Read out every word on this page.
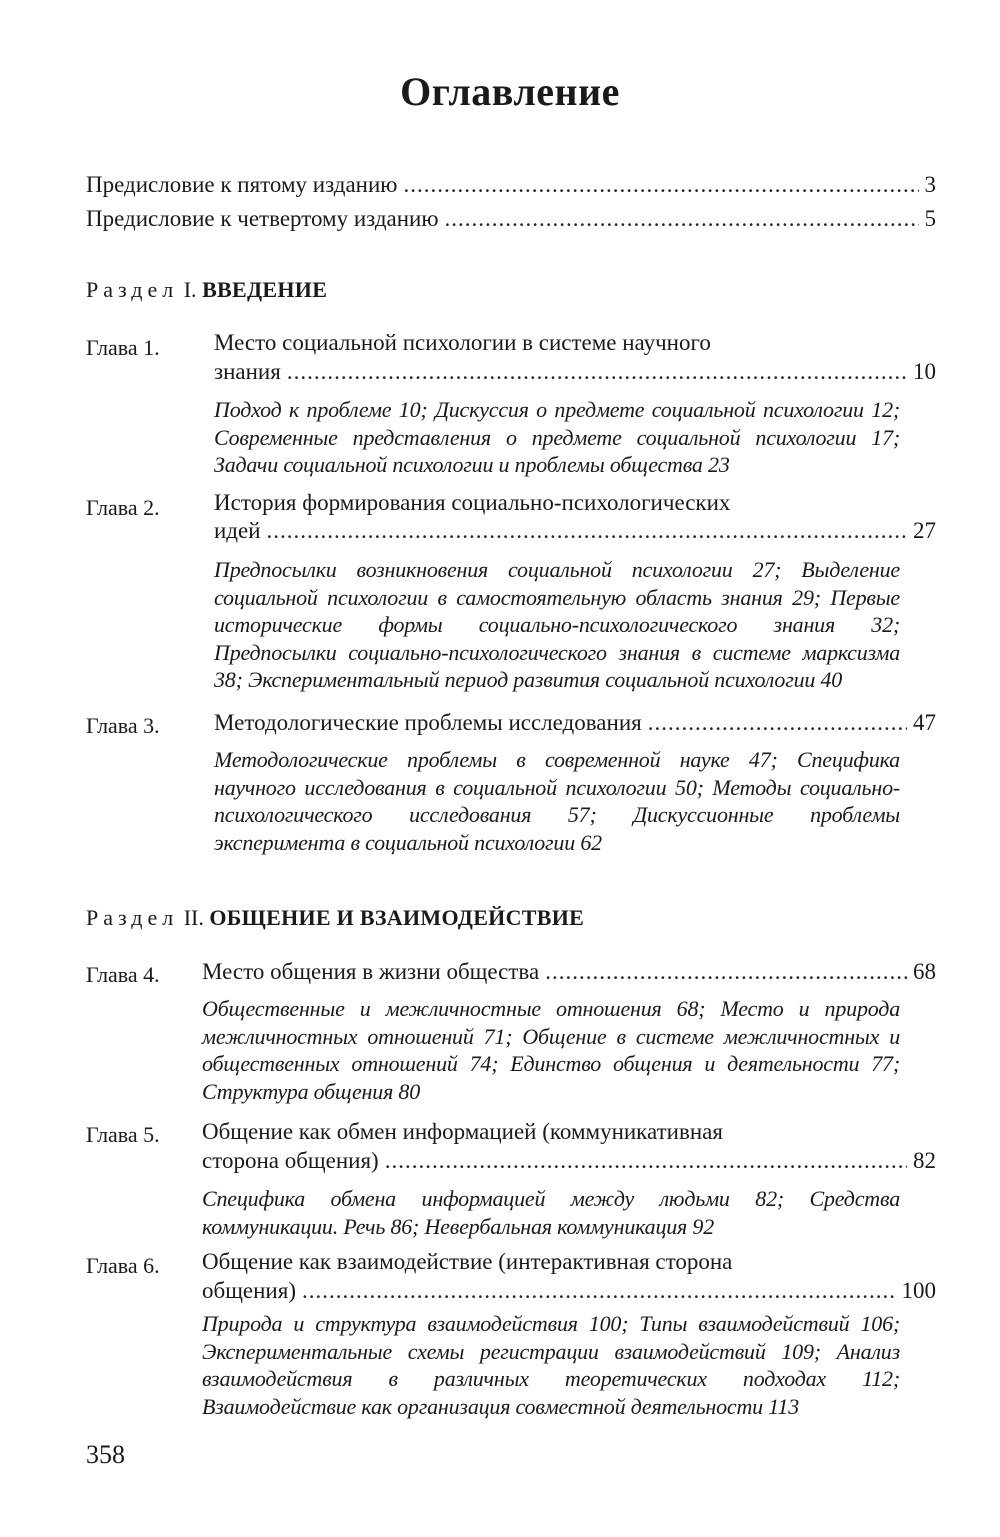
Оглавление
Предисловие к пятому изданию .....	3
Предисловие к четвертому изданию .....	5
Раздел I. ВВЕДЕНИЕ
Глава 1. Место социальной психологии в системе научного
знания .....	10
Подход к проблеме 10; Дискуссия о предмете социальной психологии 12; Современные представления о предмете социальной психологии 17; Задачи социальной психологии и проблемы общества 23
Глава 2. История формирования социально-психологических
идей .....	27
Предпосылки возникновения социальной психологии 27; Выделение социальной психологии в самостоятельную область знания 29; Первые исторические формы социально-психологического знания 32; Предпосылки социально-психологического знания в системе марксизма 38; Экспериментальный период развития социальной психологии 40
Глава 3. Методологические проблемы исследования .....	47
Методологические проблемы в современной науке 47; Специфика научного исследования в социальной психологии 50; Методы социально-психологического исследования 57; Дискуссионные проблемы эксперимента в социальной психологии 62
Раздел II. ОБЩЕНИЕ И ВЗАИМОДЕЙСТВИЕ
Глава 4. Место общения в жизни общества .....	68
Общественные и межличностные отношения 68; Место и природа межличностных отношений 71; Общение в системе межличностных и общественных отношений 74; Единство общения и деятельности 77; Структура общения 80
Глава 5. Общение как обмен информацией (коммуникативная
сторона общения) .....	82
Специфика обмена информацией между людьми 82; Средства коммуникации. Речь 86; Невербальная коммуникация 92
Глава 6. Общение как взаимодействие (интерактивная сторона
общения) .....	100
Природа и структура взаимодействия 100; Типы взаимодействий 106; Экспериментальные схемы регистрации взаимодействий 109; Анализ взаимодействия в различных теоретических подходах 112; Взаимодействие как организация совместной деятельности 113
358
